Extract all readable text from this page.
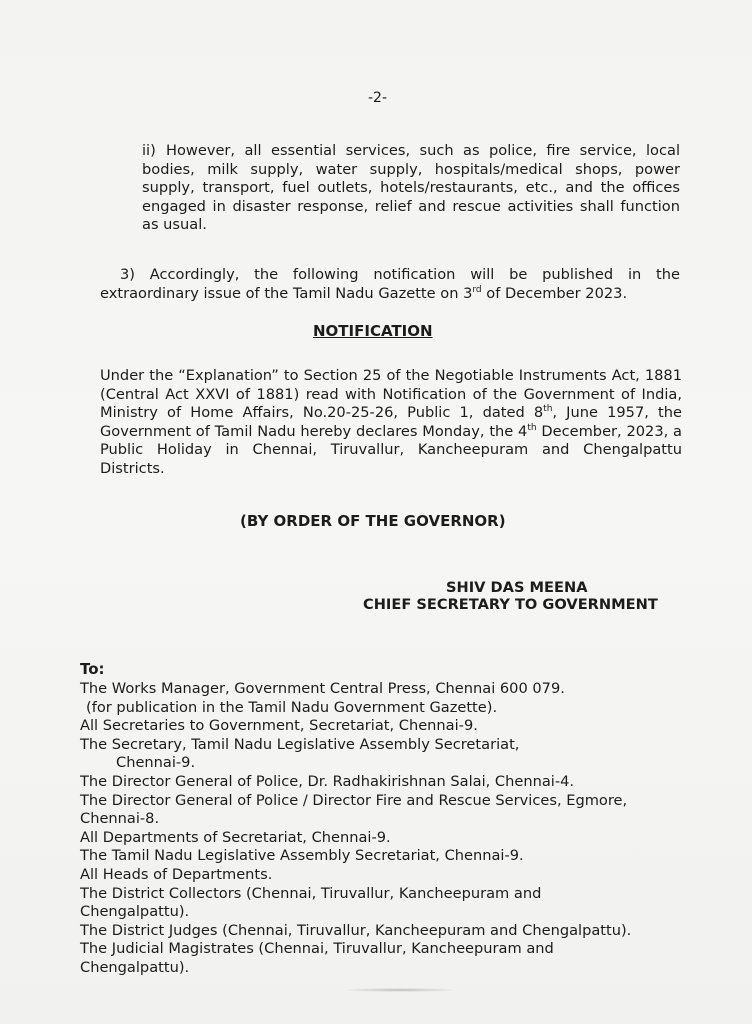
-2-
ii) However, all essential services, such as police, fire service, local bodies, milk supply, water supply, hospitals/medical shops, power supply, transport, fuel outlets, hotels/restaurants, etc., and the offices engaged in disaster response, relief and rescue activities shall function as usual.
3) Accordingly, the following notification will be published in the extraordinary issue of the Tamil Nadu Gazette on 3rd of December 2023.
NOTIFICATION
Under the “Explanation” to Section 25 of the Negotiable Instruments Act, 1881 (Central Act XXVI of 1881) read with Notification of the Government of India, Ministry of Home Affairs, No.20-25-26, Public 1, dated 8th, June 1957, the Government of Tamil Nadu hereby declares Monday, the 4th December, 2023, a Public Holiday in Chennai, Tiruvallur, Kancheepuram and Chengalpattu Districts.
(BY ORDER OF THE GOVERNOR)
SHIV DAS MEENA
CHIEF SECRETARY TO GOVERNMENT
To:
The Works Manager, Government Central Press, Chennai 600 079.
(for publication in the Tamil Nadu Government Gazette).
All Secretaries to Government, Secretariat, Chennai-9.
The Secretary, Tamil Nadu Legislative Assembly Secretariat,
Chennai-9.
The Director General of Police, Dr. Radhakirishnan Salai, Chennai-4.
The Director General of Police / Director Fire and Rescue Services, Egmore,
Chennai-8.
All Departments of Secretariat, Chennai-9.
The Tamil Nadu Legislative Assembly Secretariat, Chennai-9.
All Heads of Departments.
The District Collectors (Chennai, Tiruvallur, Kancheepuram and
Chengalpattu).
The District Judges (Chennai, Tiruvallur, Kancheepuram and Chengalpattu).
The Judicial Magistrates (Chennai, Tiruvallur, Kancheepuram and
Chengalpattu).
